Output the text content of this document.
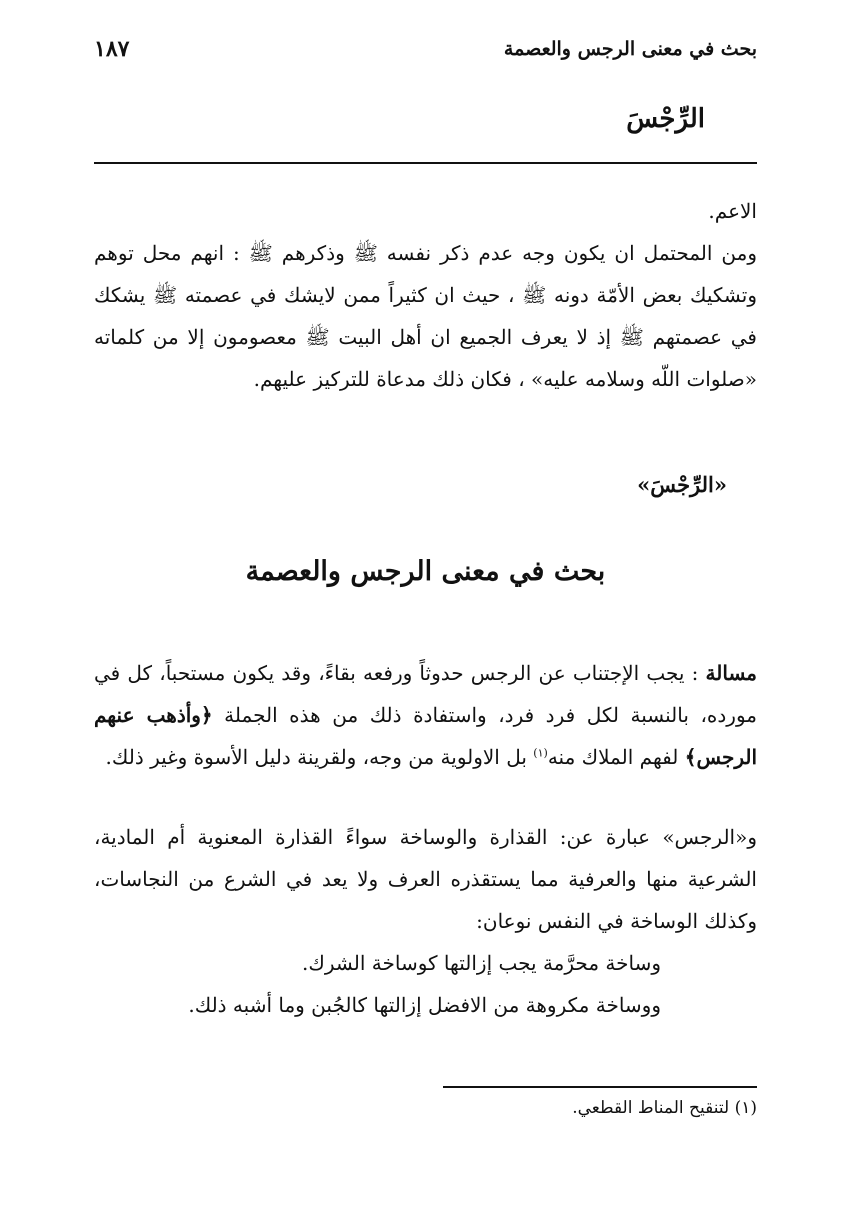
١٨٧	بحث في معنى الرجس والعصمة
الرِّجْسَ

الاعم.

ومن المحتمل ان يكون وجه عدم ذكر نفسه ﷺ وذكرهم ﷺ : انهم محل توهم وتشكيك بعض الأمّة دونه ﷺ ، حيث ان كثيراً ممن لايشك في عصمته ﷺ يشكك في عصمتهم ﷺ إذ لا يعرف الجميع ان أهل البيت ﷺ معصومون إلا من كلماته «صلوات اللّه وسلامه عليه» ، فكان ذلك مدعاة للتركيز عليهم.

«الرِّجْسَ»
بحث في معنى الرجس والعصمة

مسالة : يجب الإجتناب عن الرجس حدوثاً ورفعه بقاءً، وقد يكون مستحباً، كل في مورده، بالنسبة لكل فرد فرد، واستفادة ذلك من هذه الجملة ﴿وأذهب عنهم الرجس﴾ لفهم الملاك منه$^{(١)}$ بل الاولوية من وجه، ولقرينة دليل الأسوة وغير ذلك.

و«الرجس» عبارة عن: القذارة والوساخة سواءً القذارة المعنوية أم المادية، الشرعية منها والعرفية مما يستقذره العرف ولا يعد في الشرع من النجاسات، وكذلك الوساخة في النفس نوعان:

وساخة محرَّمة يجب إزالتها كوساخة الشرك.

ووساخة مكروهة من الافضل إزالتها كالجُبن وما أشبه ذلك.

(١) لتنقيح المناط القطعي.
